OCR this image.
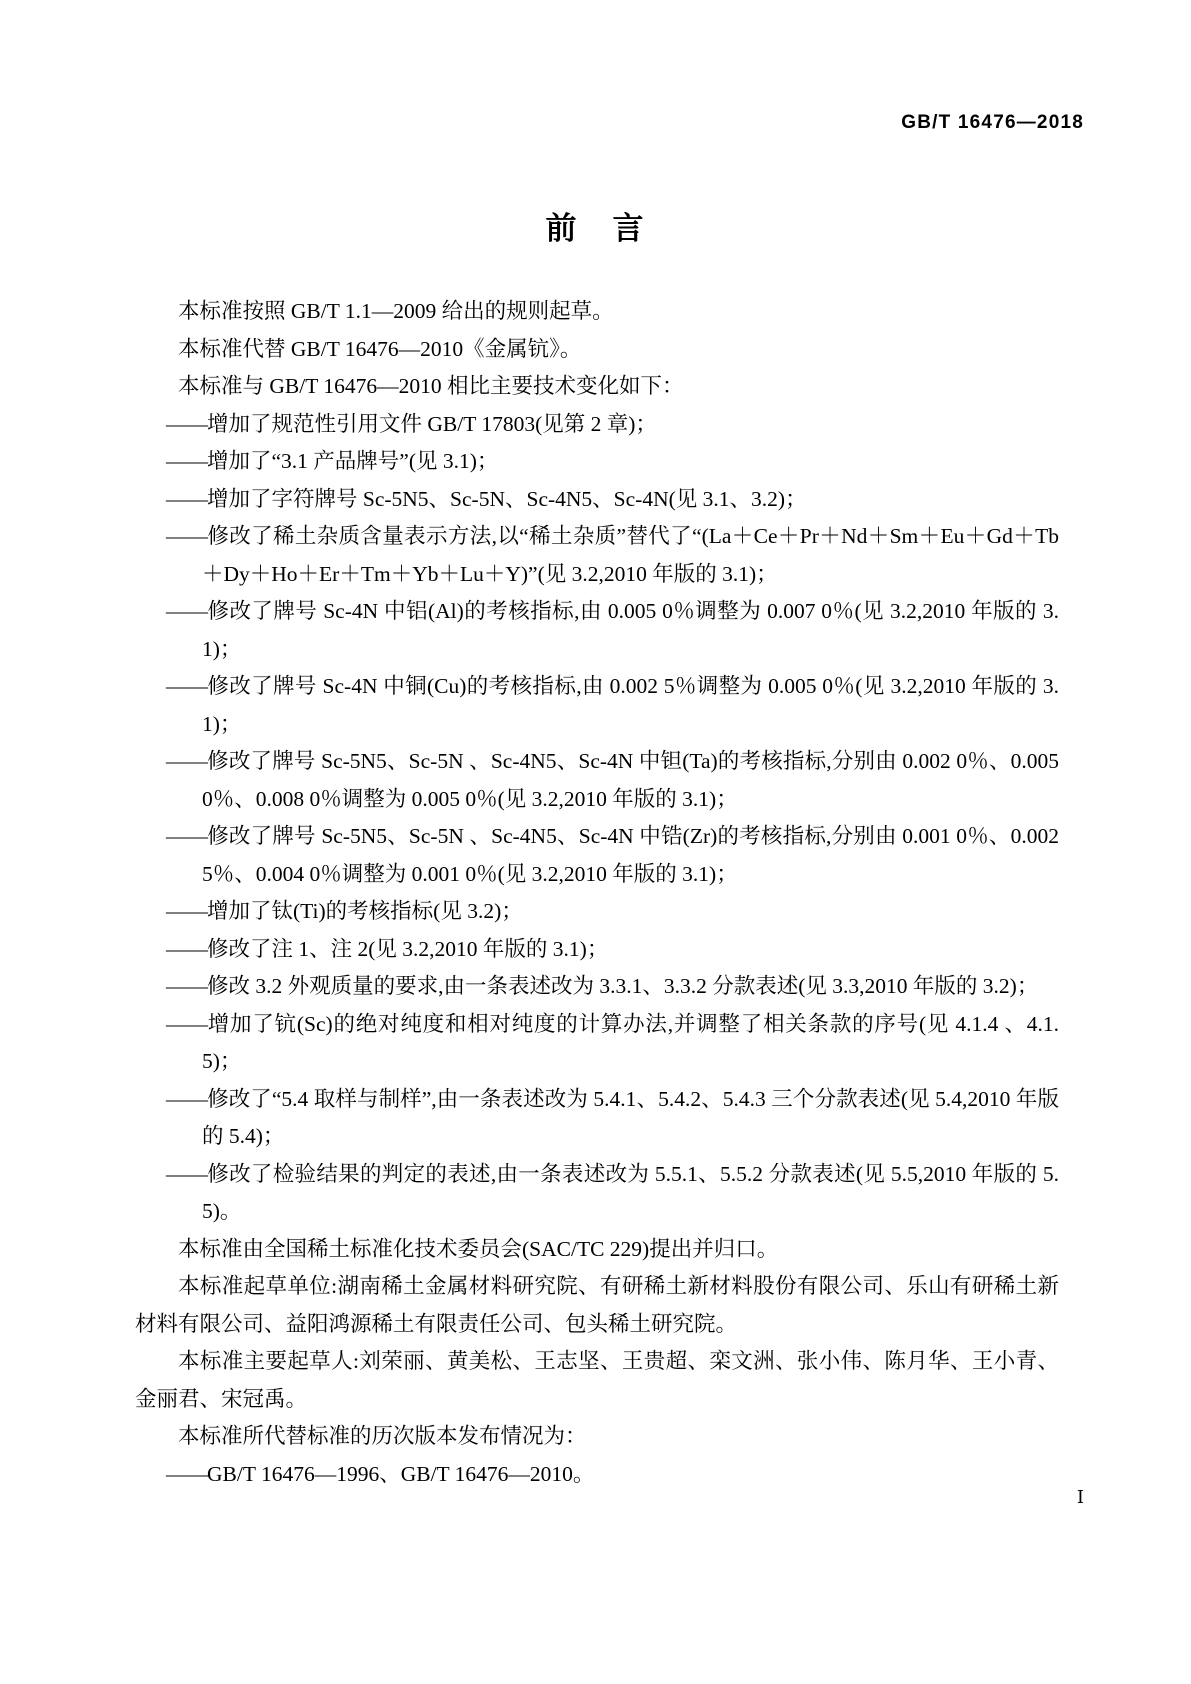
GB/T 16476—2018
前 言

本标准按照 GB/T 1.1—2009 给出的规则起草。

本标准代替 GB/T 16476—2010《金属钪》。

本标准与 GB/T 16476—2010 相比主要技术变化如下：

——增加了规范性引用文件 GB/T 17803(见第 2 章)；

——增加了“3.1 产品牌号”(见 3.1)；

——增加了字符牌号 Sc-5N5、Sc-5N、Sc-4N5、Sc-4N(见 3.1、3.2)；

——修改了稀土杂质含量表示方法,以“稀土杂质”替代了“(La＋Ce＋Pr＋Nd＋Sm＋Eu＋Gd＋Tb＋Dy＋Ho＋Er＋Tm＋Yb＋Lu＋Y)”(见 3.2,2010 年版的 3.1)；

——修改了牌号 Sc-4N 中铝(Al)的考核指标,由 0.005 0％调整为 0.007 0％(见 3.2,2010 年版的 3.1)；

——修改了牌号 Sc-4N 中铜(Cu)的考核指标,由 0.002 5％调整为 0.005 0％(见 3.2,2010 年版的 3.1)；

——修改了牌号 Sc-5N5、Sc-5N 、Sc-4N5、Sc-4N 中钽(Ta)的考核指标,分别由 0.002 0％、0.005 0％、0.008 0％调整为 0.005 0％(见 3.2,2010 年版的 3.1)；

——修改了牌号 Sc-5N5、Sc-5N 、Sc-4N5、Sc-4N 中锆(Zr)的考核指标,分别由 0.001 0％、0.002 5％、0.004 0％调整为 0.001 0％(见 3.2,2010 年版的 3.1)；

——增加了钛(Ti)的考核指标(见 3.2)；

——修改了注 1、注 2(见 3.2,2010 年版的 3.1)；

——修改 3.2 外观质量的要求,由一条表述改为 3.3.1、3.3.2 分款表述(见 3.3,2010 年版的 3.2)；

——增加了钪(Sc)的绝对纯度和相对纯度的计算办法,并调整了相关条款的序号(见 4.1.4 、4.1.5)；

——修改了“5.4 取样与制样”,由一条表述改为 5.4.1、5.4.2、5.4.3 三个分款表述(见 5.4,2010 年版的 5.4)；

——修改了检验结果的判定的表述,由一条表述改为 5.5.1、5.5.2 分款表述(见 5.5,2010 年版的 5.5)。

本标准由全国稀土标准化技术委员会(SAC/TC 229)提出并归口。

本标准起草单位:湖南稀土金属材料研究院、有研稀土新材料股份有限公司、乐山有研稀土新材料有限公司、益阳鸿源稀土有限责任公司、包头稀土研究院。

本标准主要起草人:刘荣丽、黄美松、王志坚、王贵超、栾文洲、张小伟、陈月华、王小青、金丽君、宋冠禹。

本标准所代替标准的历次版本发布情况为：

——GB/T 16476—1996、GB/T 16476—2010。

Ⅰ
